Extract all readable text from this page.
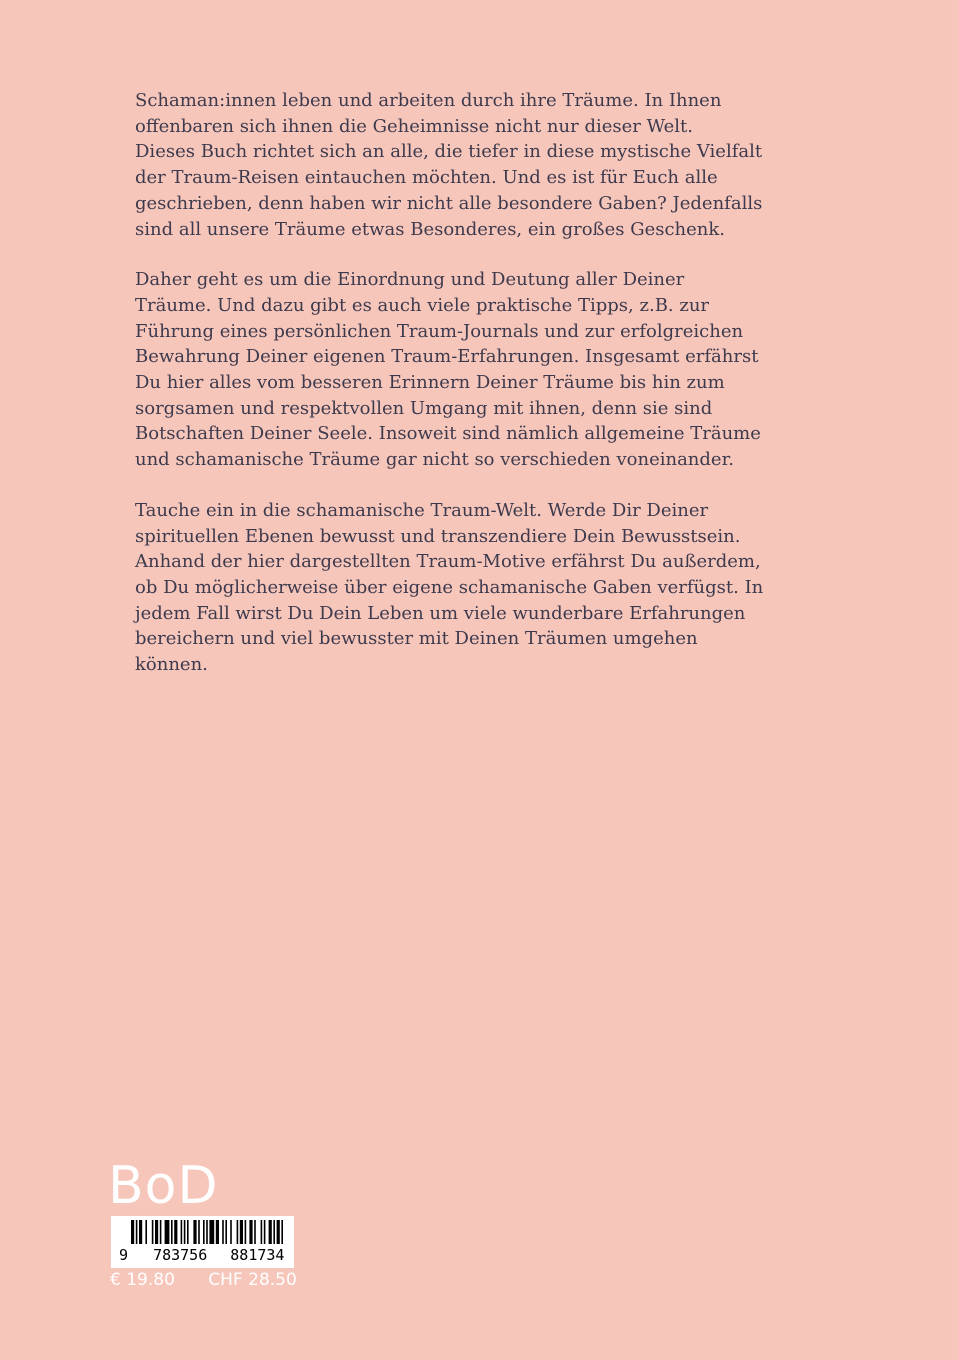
Schaman:innen leben und arbeiten durch ihre Träume. In Ihnen
offenbaren sich ihnen die Geheimnisse nicht nur dieser Welt.
Dieses Buch richtet sich an alle, die tiefer in diese mystische Vielfalt
der Traum-Reisen eintauchen möchten. Und es ist für Euch alle
geschrieben, denn haben wir nicht alle besondere Gaben? Jedenfalls
sind all unsere Träume etwas Besonderes, ein großes Geschenk.

Daher geht es um die Einordnung und Deutung aller Deiner
Träume. Und dazu gibt es auch viele praktische Tipps, z.B. zur
Führung eines persönlichen Traum-Journals und zur erfolgreichen
Bewahrung Deiner eigenen Traum-Erfahrungen. Insgesamt erfährst
Du hier alles vom besseren Erinnern Deiner Träume bis hin zum
sorgsamen und respektvollen Umgang mit ihnen, denn sie sind
Botschaften Deiner Seele. Insoweit sind nämlich allgemeine Träume
und schamanische Träume gar nicht so verschieden voneinander.

Tauche ein in die schamanische Traum-Welt. Werde Dir Deiner
spirituellen Ebenen bewusst und transzendiere Dein Bewusstsein.
Anhand der hier dargestellten Traum-Motive erfährst Du außerdem,
ob Du möglicherweise über eigene schamanische Gaben verfügst. In
jedem Fall wirst Du Dein Leben um viele wunderbare Erfahrungen
bereichern und viel bewusster mit Deinen Träumen umgehen
können.

BoD
9 783756 881734
€ 19.80 CHF 28.50
